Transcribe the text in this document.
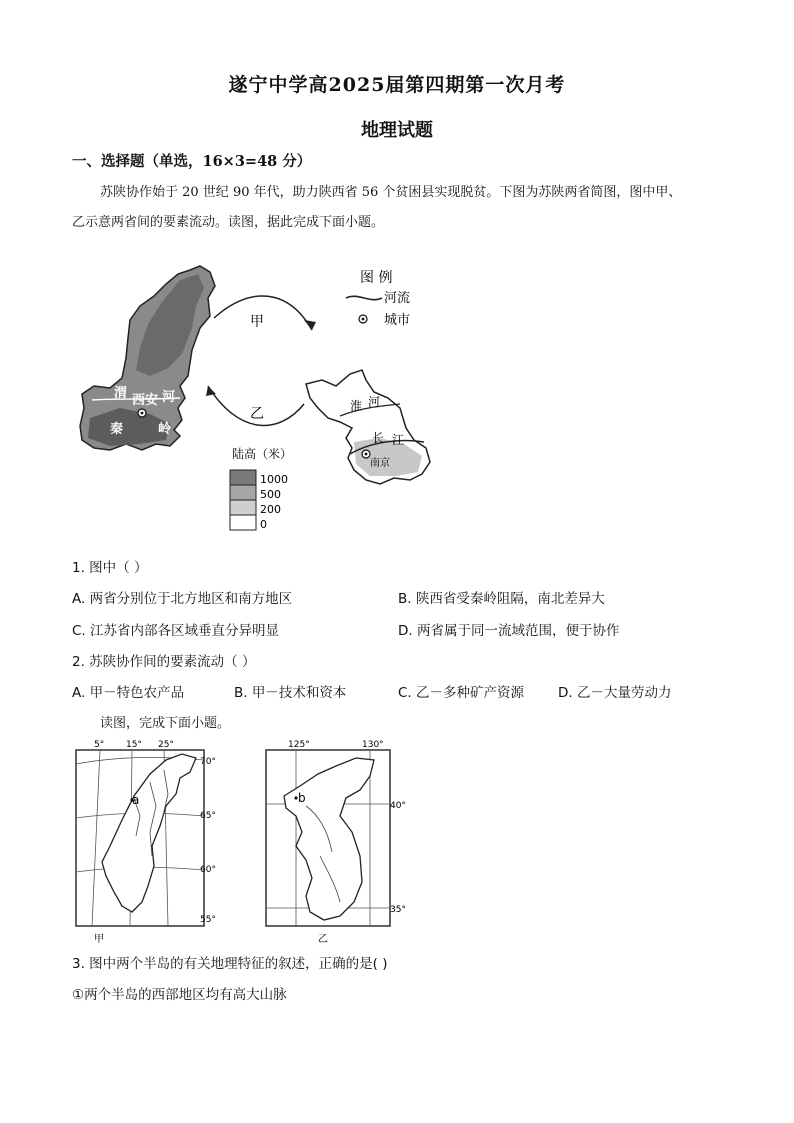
遂宁中学高2025届第四期第一次月考
地理试题
一、选择题（单选，16×3=48 分）
苏陕协作始于 20 世纪 90 年代，助力陕西省 56 个贫困县实现脱贫。下图为苏陕两省简图，图中甲、
乙示意两省间的要素流动。读图，据此完成下面小题。
渭 西安 河
秦	岭
甲
乙
图 例
河流
城市
淮 河
长 江
南京
陆高（米）
1000
500
200
0
1. 图中（ ）
A. 两省分别位于北方地区和南方地区	B. 陕西省受秦岭阻隔，南北差异大
C. 江苏省内部各区域垂直分异明显	D. 两省属于同一流域范围，便于协作
2. 苏陕协作间的要素流动（ ）
A. 甲－特色农产品	B. 甲－技术和资本	C. 乙－多种矿产资源	D. 乙－大量劳动力
读图，完成下面小题。
5° 15° 25°
70°
65°
60°
55°
a
甲
125°	130°
40°
35°
b
乙
3. 图中两个半岛的有关地理特征的叙述，正确的是( )
①两个半岛的西部地区均有高大山脉
